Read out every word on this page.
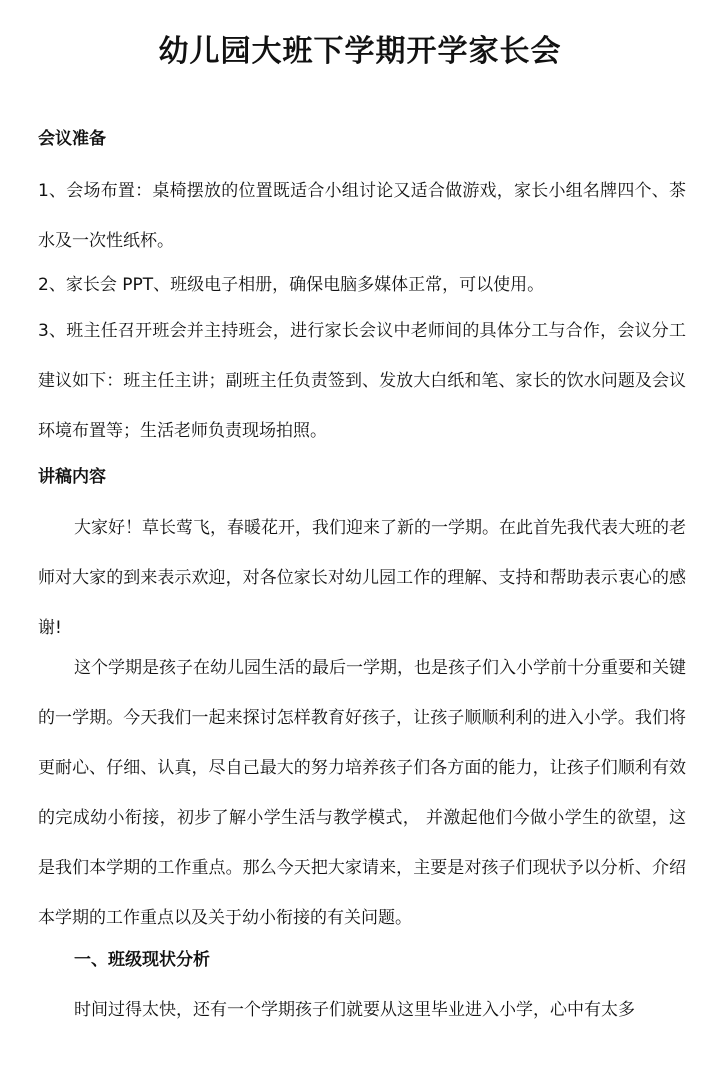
幼儿园大班下学期开学家长会
会议准备
1、会场布置：桌椅摆放的位置既适合小组讨论又适合做游戏，家长小组名牌四个、茶水及一次性纸杯。
2、家长会 PPT、班级电子相册，确保电脑多媒体正常，可以使用。
3、班主任召开班会并主持班会，进行家长会议中老师间的具体分工与合作，会议分工建议如下：班主任主讲；副班主任负责签到、发放大白纸和笔、家长的饮水问题及会议环境布置等；生活老师负责现场拍照。
讲稿内容
大家好！草长莺飞，春暖花开，我们迎来了新的一学期。在此首先我代表大班的老师对大家的到来表示欢迎，对各位家长对幼儿园工作的理解、支持和帮助表示衷心的感谢!
这个学期是孩子在幼儿园生活的最后一学期，也是孩子们入小学前十分重要和关键的一学期。今天我们一起来探讨怎样教育好孩子，让孩子顺顺利利的进入小学。我们将更耐心、仔细、认真，尽自己最大的努力培养孩子们各方面的能力，让孩子们顺利有效的完成幼小衔接，初步了解小学生活与教学模式， 并激起他们今做小学生的欲望，这是我们本学期的工作重点。那么今天把大家请来，主要是对孩子们现状予以分析、介绍本学期的工作重点以及关于幼小衔接的有关问题。
一、班级现状分析
时间过得太快，还有一个学期孩子们就要从这里毕业进入小学，心中有太多
